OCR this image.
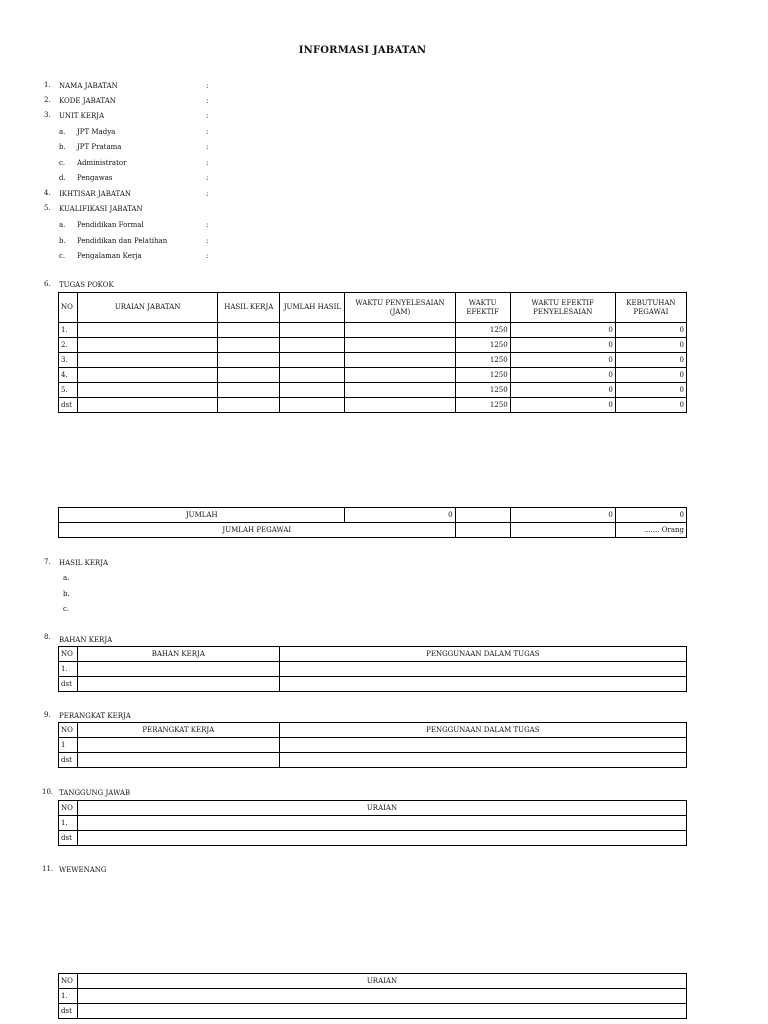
INFORMASI JABATAN
1. NAMA JABATAN	:
2. KODE JABATAN	:
3. UNIT KERJA	:
a. JPT Madya	:
b. JPT Pratama	:
c. Administrator	:
d. Pengawas	:
4. IKHTISAR JABATAN	:
5. KUALIFIKASI JABATAN
a. Pendidikan Formal	:
b. Pendidikan dan Pelatihan	:
c. Pengalaman Kerja	:
6. TUGAS POKOK
NO	URAIAN JABATAN	HASIL KERJA	JUMLAH HASIL	WAKTU PENYELESAIAN (JAM)	WAKTU EFEKTIF	WAKTU EFEKTIF PENYELESAIAN	KEBUTUHAN PEGAWAI
1.					1250	0	0
2.					1250	0	0
3.					1250	0	0
4.					1250	0	0
5.					1250	0	0
dst					1250	0	0
JUMLAH	0		0	0
JUMLAH PEGAWAI				....... Orang
7. HASIL KERJA
a.
b.
c.
8. BAHAN KERJA
NO	BAHAN KERJA	PENGGUNAAN DALAM TUGAS
1.		
dst		
9. PERANGKAT KERJA
NO	PERANGKAT KERJA	PENGGUNAAN DALAM TUGAS
1		
dst		
10. TANGGUNG JAWAB
NO	URAIAN
1.	
dst	
11. WEWENANG
NO	URAIAN
1.	
dst	
